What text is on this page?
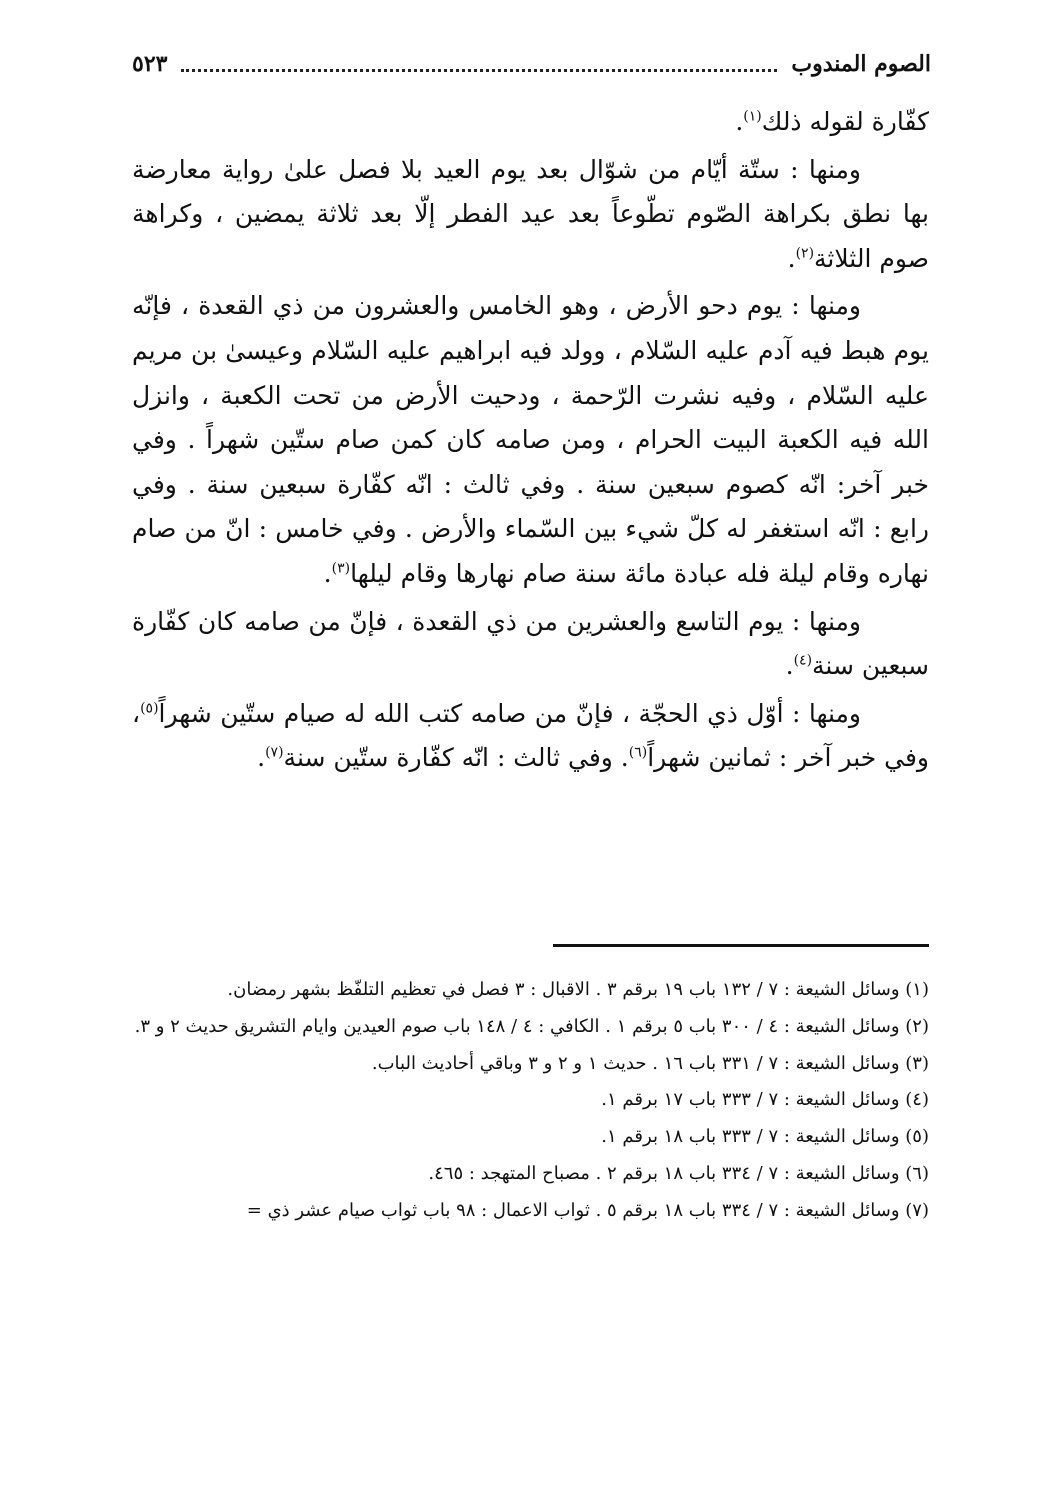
الصوم المندوب
٥٢٣

كفّارة لقوله ذلك$^{(١)}$.

ومنها : ستّة أيّام من شوّال بعد يوم العيد بلا فصل علىٰ رواية معارضة بها نطق بكراهة الصّوم تطّوعاً بعد عيد الفطر إلّا بعد ثلاثة يمضين ، وكراهة صوم الثلاثة$^{(٢)}$.

ومنها : يوم دحو الأرض ، وهو الخامس والعشرون من ذي القعدة ، فإنّه يوم هبط فيه آدم عليه السّلام ، وولد فيه ابراهيم عليه السّلام وعيسىٰ بن مريم عليه السّلام ، وفيه نشرت الرّحمة ، ودحيت الأرض من تحت الكعبة ، وانزل الله فيه الكعبة البيت الحرام ، ومن صامه كان كمن صام ستّين شهراً . وفي خبر آخر: انّه كصوم سبعين سنة . وفي ثالث : انّه كفّارة سبعين سنة . وفي رابع : انّه استغفر له كلّ شيء بين السّماء والأرض . وفي خامس : انّ من صام نهاره وقام ليلة فله عبادة مائة سنة صام نهارها وقام ليلها$^{(٣)}$.

ومنها : يوم التاسع والعشرين من ذي القعدة ، فإنّ من صامه كان كفّارة سبعين سنة$^{(٤)}$.

ومنها : أوّل ذي الحجّة ، فإنّ من صامه كتب الله له صيام ستّين شهراً$^{(٥)}$، وفي خبر آخر : ثمانين شهراً$^{(٦)}$. وفي ثالث : انّه كفّارة ستّين سنة$^{(٧)}$.

(١) وسائل الشيعة : ٧ / ١٣٢ باب ١٩ برقم ٣ . الاقبال : ٣ فصل في تعظيم التلفّظ بشهر رمضان.

(٢) وسائل الشيعة : ٤ / ٣٠٠ باب ٥ برقم ١ . الكافي : ٤ / ١٤٨ باب صوم العيدين وايام التشريق حديث ٢ و ٣.

(٣) وسائل الشيعة : ٧ / ٣٣١ باب ١٦ . حديث ١ و ٢ و ٣ وباقي أحاديث الباب.

(٤) وسائل الشيعة : ٧ / ٣٣٣ باب ١٧ برقم ١.

(٥) وسائل الشيعة : ٧ / ٣٣٣ باب ١٨ برقم ١.

(٦) وسائل الشيعة : ٧ / ٣٣٤ باب ١٨ برقم ٢ . مصباح المتهجد : ٤٦٥.

(٧) وسائل الشيعة : ٧ / ٣٣٤ باب ١٨ برقم ٥ . ثواب الاعمال : ٩٨ باب ثواب صيام عشر ذي =
